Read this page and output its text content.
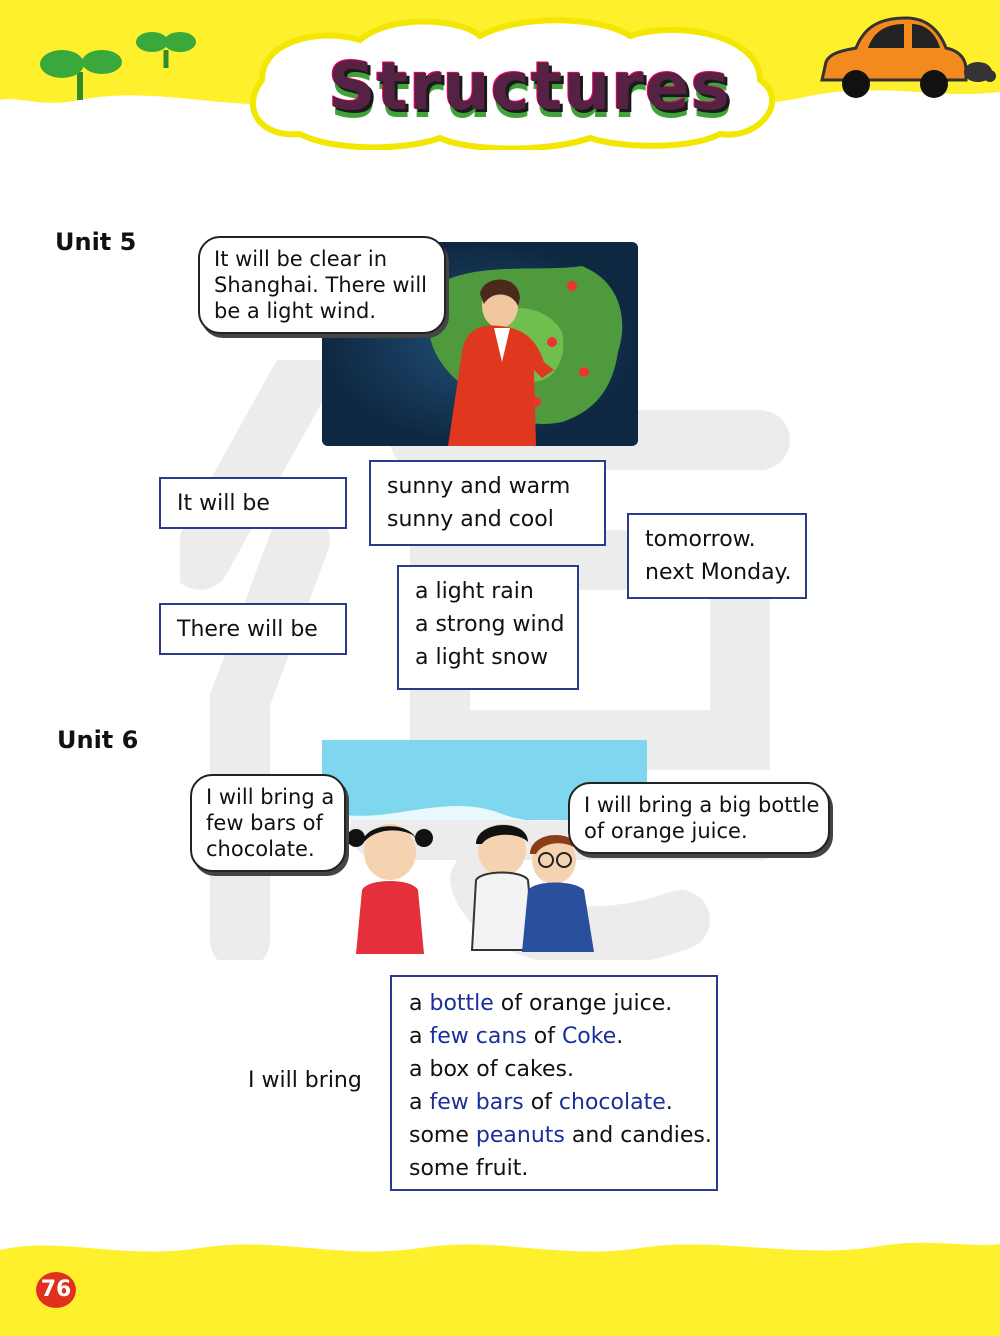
Structures
Unit 5
It will be clear in
Shanghai. There will
be a light wind.
It will be
sunny and warm
sunny and cool
tomorrow.
next Monday.
There will be
a light rain
a strong wind
a light snow
Unit 6
I will bring a
few bars of
chocolate.
I will bring a big bottle
of orange juice.
I will bring
a bottle of orange juice.
a few cans of Coke.
a box of cakes.
a few bars of chocolate.
some peanuts and candies.
some fruit.
76
